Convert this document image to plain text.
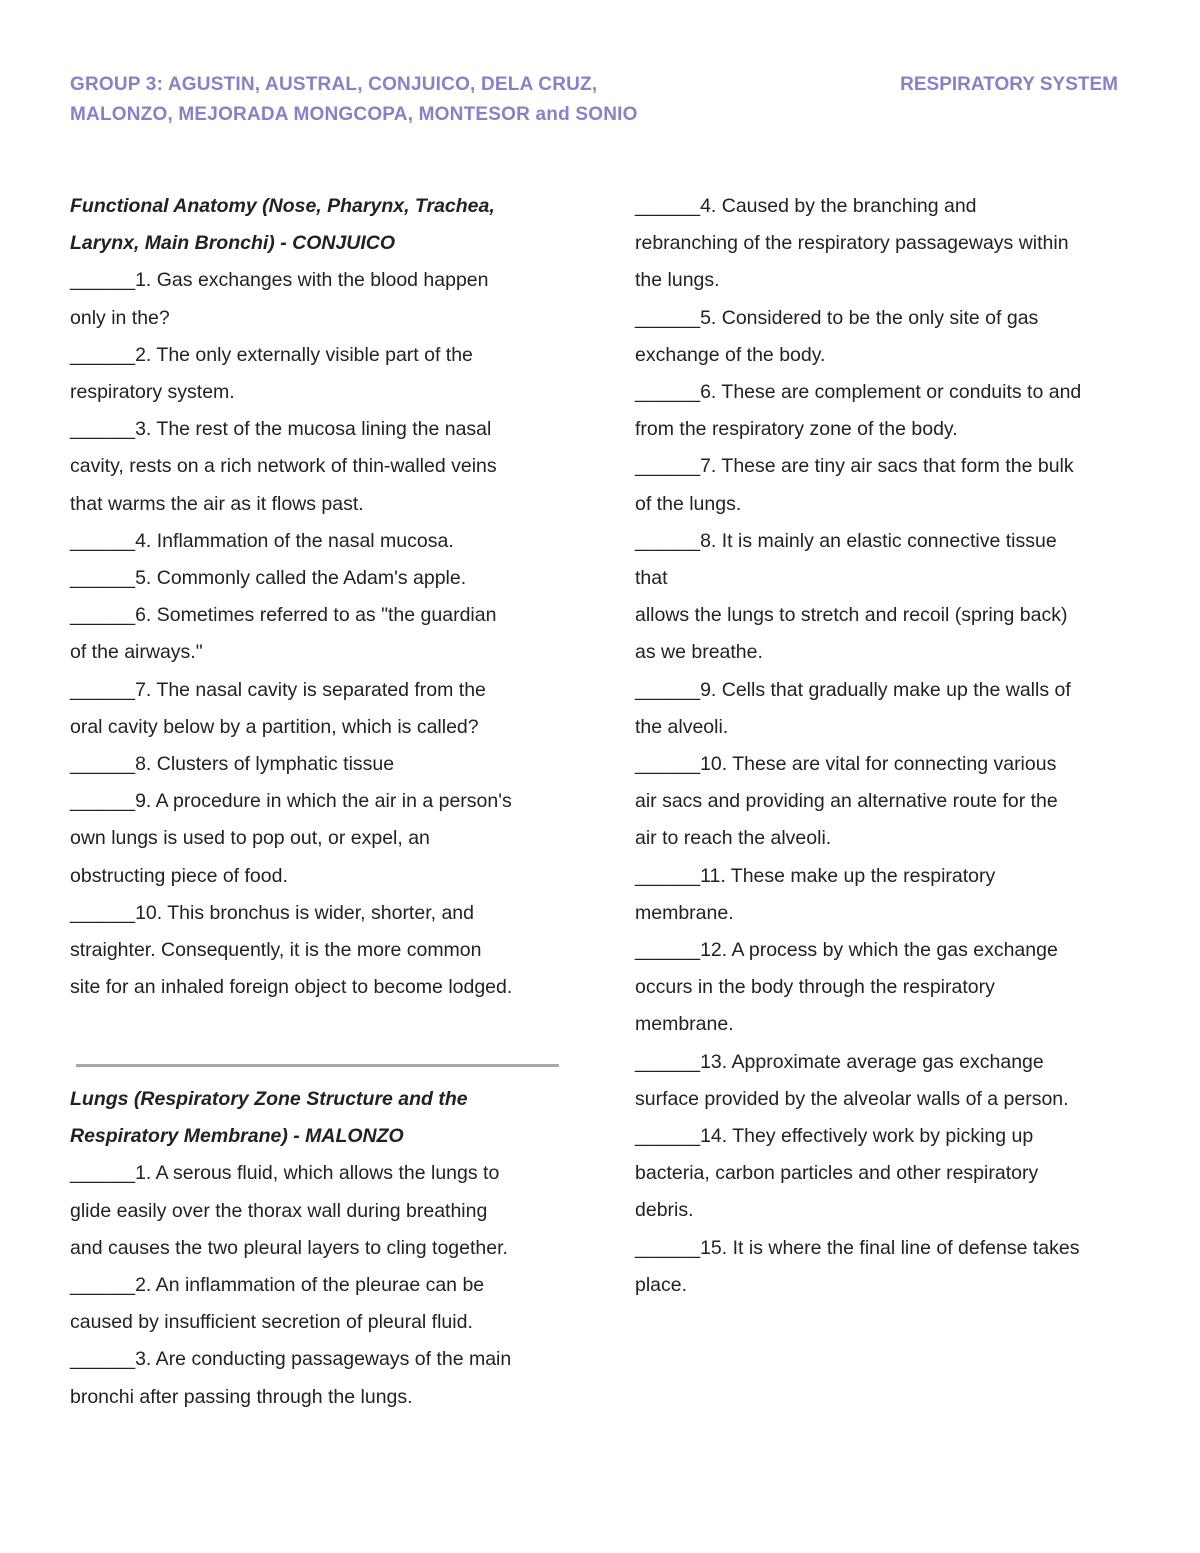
GROUP 3: AGUSTIN, AUSTRAL, CONJUICO, DELA CRUZ,
MALONZO, MEJORADA MONGCOPA, MONTESOR and SONIO
RESPIRATORY SYSTEM
Functional Anatomy (Nose, Pharynx, Trachea,
Larynx, Main Bronchi) - CONJUICO
______1. Gas exchanges with the blood happen
only in the?
______2. The only externally visible part of the
respiratory system.
______3. The rest of the mucosa lining the nasal
cavity, rests on a rich network of thin-walled veins
that warms the air as it flows past.
______4. Inflammation of the nasal mucosa.
______5. Commonly called the Adam's apple.
______6. Sometimes referred to as "the guardian
of the airways."
______7. The nasal cavity is separated from the
oral cavity below by a partition, which is called?
______8. Clusters of lymphatic tissue
______9. A procedure in which the air in a person's
own lungs is used to pop out, or expel, an
obstructing piece of food.
______10. This bronchus is wider, shorter, and
straighter. Consequently, it is the more common
site for an inhaled foreign object to become lodged.
Lungs (Respiratory Zone Structure and the
Respiratory Membrane) - MALONZO
______1. A serous fluid, which allows the lungs to
glide easily over the thorax wall during breathing
and causes the two pleural layers to cling together.
______2. An inflammation of the pleurae can be
caused by insufficient secretion of pleural fluid.
______3. Are conducting passageways of the main
bronchi after passing through the lungs.
______4. Caused by the branching and
rebranching of the respiratory passageways within
the lungs.
______5. Considered to be the only site of gas
exchange of the body.
______6. These are complement or conduits to and
from the respiratory zone of the body.
______7. These are tiny air sacs that form the bulk
of the lungs.
______8. It is mainly an elastic connective tissue
that
allows the lungs to stretch and recoil (spring back)
as we breathe.
______9. Cells that gradually make up the walls of
the alveoli.
______10. These are vital for connecting various
air sacs and providing an alternative route for the
air to reach the alveoli.
______11. These make up the respiratory
membrane.
______12. A process by which the gas exchange
occurs in the body through the respiratory
membrane.
______13. Approximate average gas exchange
surface provided by the alveolar walls of a person.
______14. They effectively work by picking up
bacteria, carbon particles and other respiratory
debris.
______15. It is where the final line of defense takes
place.
